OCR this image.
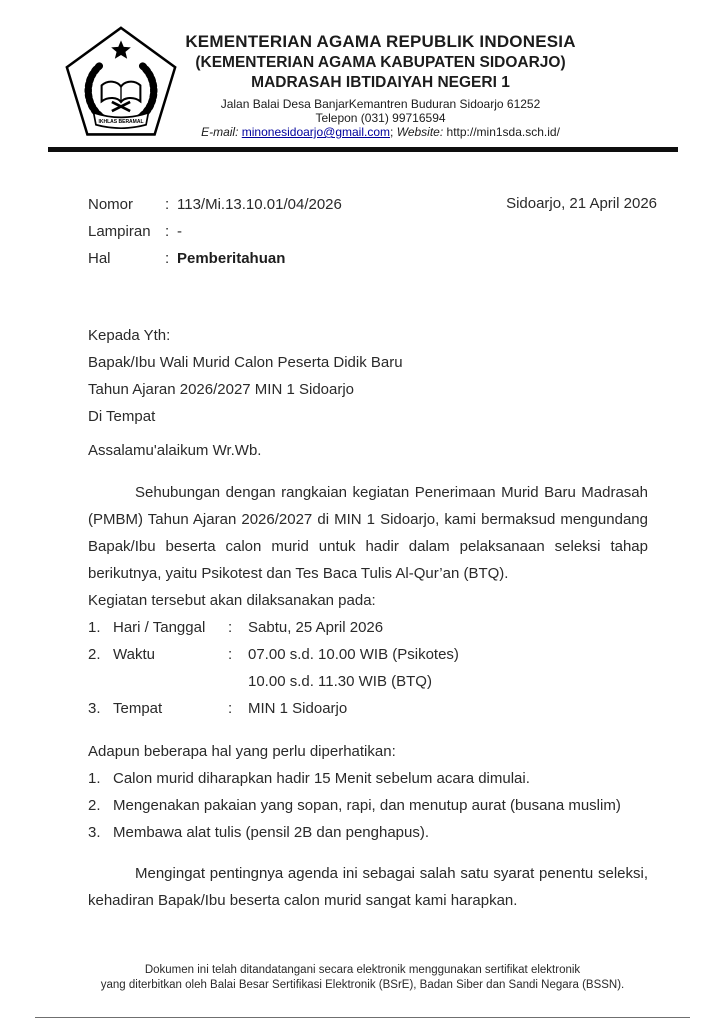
IKHLAS BERAMAL
KEMENTERIAN AGAMA REPUBLIK INDONESIA
(KEMENTERIAN AGAMA KABUPATEN SIDOARJO)
MADRASAH IBTIDAIYAH NEGERI 1
Jalan Balai Desa BanjarKemantren Buduran Sidoarjo 61252
Telepon (031) 99716594
E-mail: minonesidoarjo@gmail.com; Website: http://min1sda.sch.id/
Nomor	: 113/Mi.13.10.01/04/2026
Lampiran : -
Hal	: Pemberitahuan
Sidoarjo, 21 April 2026
Kepada Yth:
Bapak/Ibu Wali Murid Calon Peserta Didik Baru
Tahun Ajaran 2026/2027 MIN 1 Sidoarjo
Di Tempat
Assalamu'alaikum Wr.Wb.

Sehubungan dengan rangkaian kegiatan Penerimaan Murid Baru Madrasah (PMBM) Tahun Ajaran 2026/2027 di MIN 1 Sidoarjo, kami bermaksud mengundang Bapak/Ibu beserta calon murid untuk hadir dalam pelaksanaan seleksi tahap berikutnya, yaitu Psikotest dan Tes Baca Tulis Al-Qur’an (BTQ).

Kegiatan tersebut akan dilaksanakan pada:

1. Hari / Tanggal	:	Sabtu, 25 April 2026
2. Waktu	:	07.00 s.d. 10.00 WIB (Psikotes)
10.00 s.d. 11.30 WIB (BTQ)
3. Tempat	:	MIN 1 Sidoarjo

Adapun beberapa hal yang perlu diperhatikan:

1. Calon murid diharapkan hadir 15 Menit sebelum acara dimulai.
2. Mengenakan pakaian yang sopan, rapi, dan menutup aurat (busana muslim)
3. Membawa alat tulis (pensil 2B dan penghapus).

Mengingat pentingnya agenda ini sebagai salah satu syarat penentu seleksi, kehadiran Bapak/Ibu beserta calon murid sangat kami harapkan.

Dokumen ini telah ditandatangani secara elektronik menggunakan sertifikat elektronik
yang diterbitkan oleh Balai Besar Sertifikasi Elektronik (BSrE), Badan Siber dan Sandi Negara (BSSN).
